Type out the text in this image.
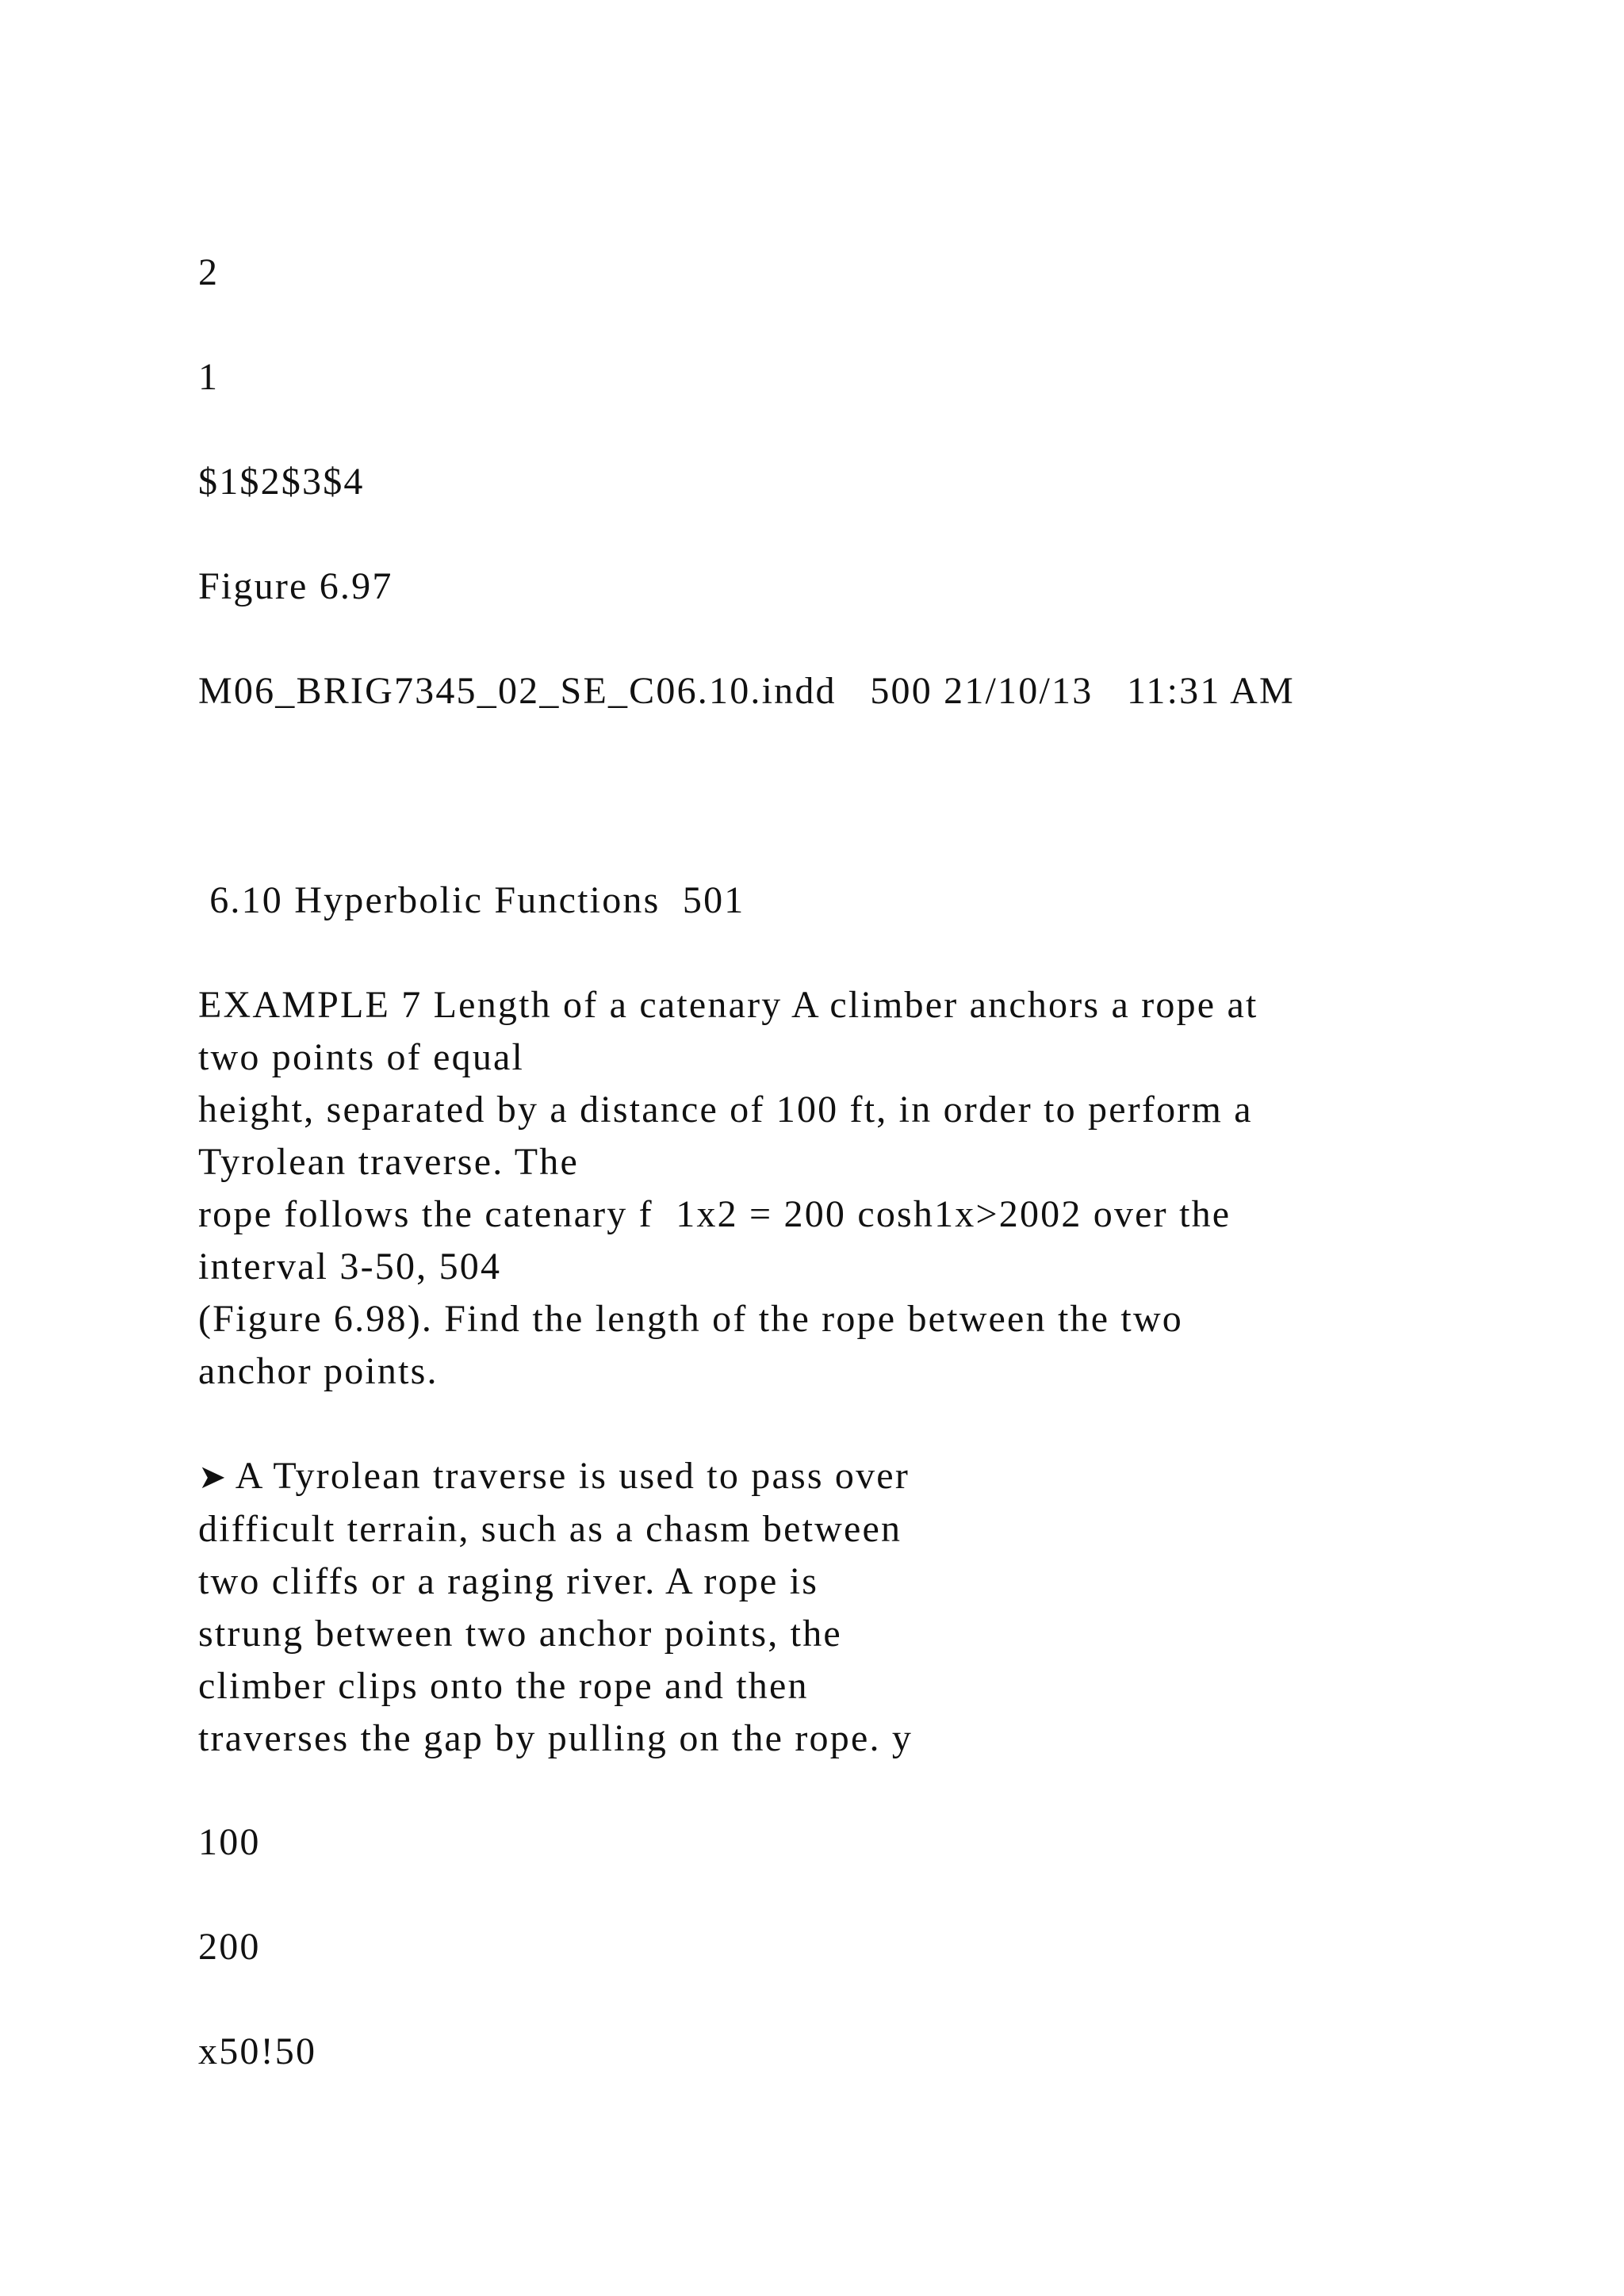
2

1

$1$2$3$4

Figure 6.97

M06_BRIG7345_02_SE_C06.10.indd   500 21/10/13   11:31 AM

6.10 Hyperbolic Functions  501

EXAMPLE 7 Length of a catenary A climber anchors a rope at
two points of equal
height, separated by a distance of 100 ft, in order to perform a
Tyrolean traverse. The
rope follows the catenary f  1x2 = 200 cosh1x>2002 over the
interval 3-50, 504
(Figure 6.98). Find the length of the rope between the two
anchor points.
➤ A Tyrolean traverse is used to pass over
difficult terrain, such as a chasm between
two cliffs or a raging river. A rope is
strung between two anchor points, the
climber clips onto the rope and then
traverses the gap by pulling on the rope. y

100

200

x50!50
